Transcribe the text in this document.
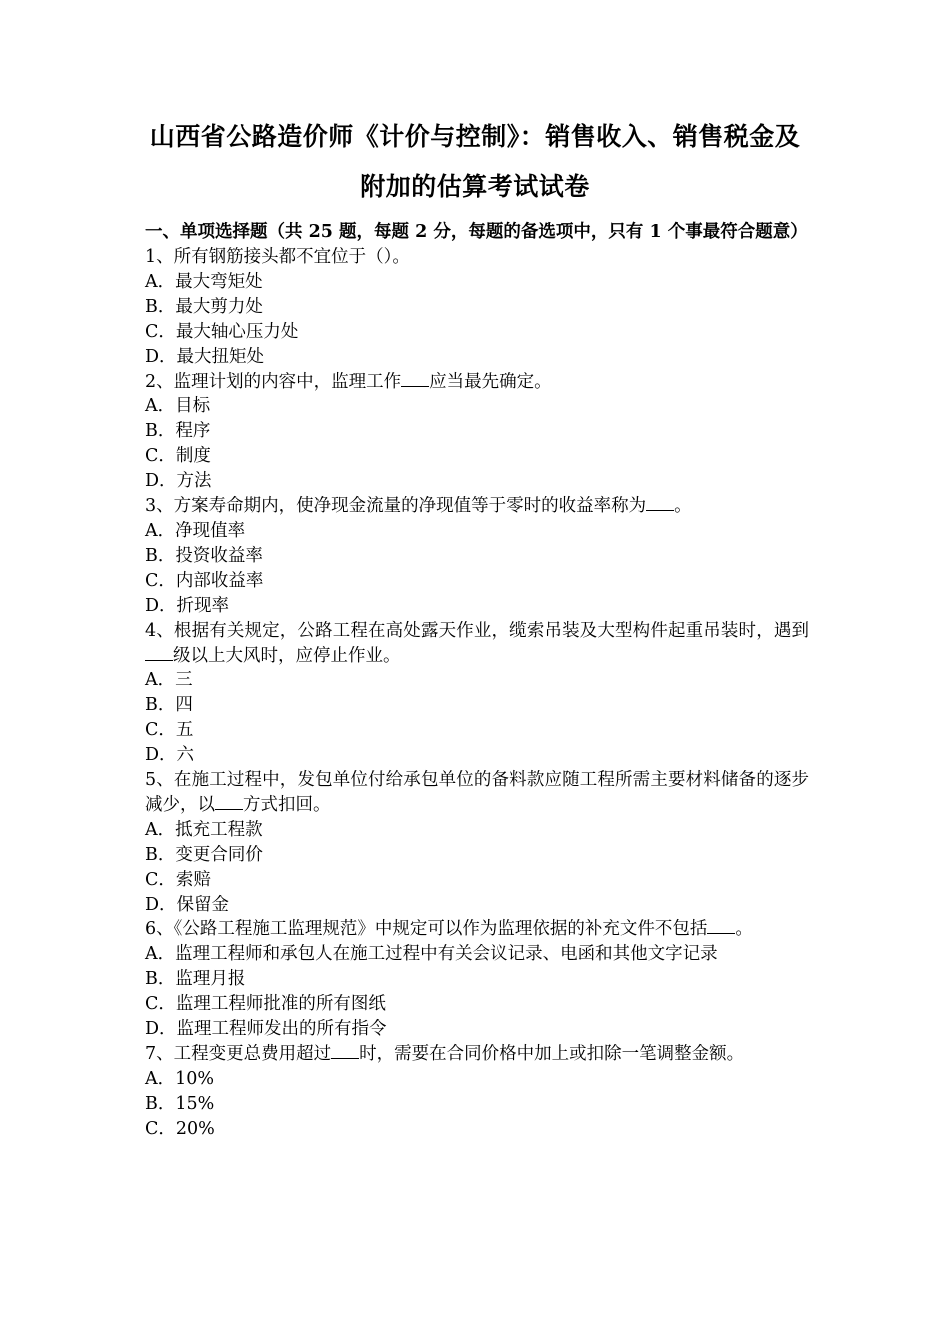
山西省公路造价师《计价与控制》：销售收入、销售税金及
附加的估算考试试卷
一、单项选择题（共 25 题，每题 2 分，每题的备选项中，只有 1 个事最符合题意）
1、所有钢筋接头都不宜位于（）。
A．最大弯矩处
B．最大剪力处
C．最大轴心压力处
D．最大扭矩处
2、监理计划的内容中，监理工作 应当最先确定。
A．目标
B．程序
C．制度
D．方法
3、方案寿命期内，使净现金流量的净现值等于零时的收益率称为 。
A．净现值率
B．投资收益率
C．内部收益率
D．折现率
4、根据有关规定，公路工程在高处露天作业，缆索吊装及大型构件起重吊装时，遇到级以上大风时，应停止作业。
A．三
B．四
C．五
D．六
5、在施工过程中，发包单位付给承包单位的备料款应随工程所需主要材料储备的逐步减少，以 方式扣回。
A．抵充工程款
B．变更合同价
C．索赔
D．保留金
6、《公路工程施工监理规范》中规定可以作为监理依据的补充文件不包括 。
A．监理工程师和承包人在施工过程中有关会议记录、电函和其他文字记录
B．监理月报
C．监理工程师批准的所有图纸
D．监理工程师发出的所有指令
7、工程变更总费用超过 时，需要在合同价格中加上或扣除一笔调整金额。
A．10%
B．15%
C．20%
